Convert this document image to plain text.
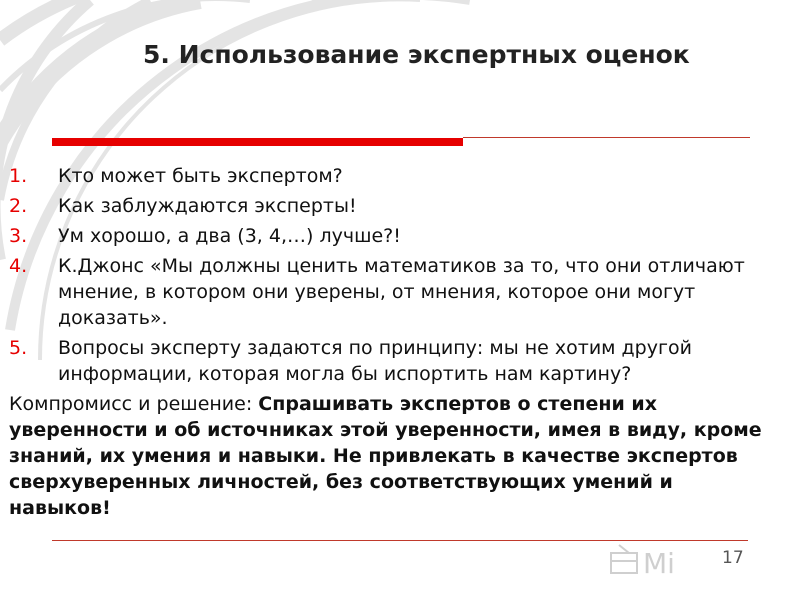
5. Использование экспертных оценок
1. Кто может быть экспертом?
2. Как заблуждаются эксперты!
3. Ум хорошо, а два (3, 4,…) лучше?!
4. К.Джонс «Мы должны ценить математиков за то, что они отличают мнение, в котором они уверены, от мнения, которое они могут доказать».
5. Вопросы эксперту задаются по принципу: мы не хотим другой информации, которая могла бы испортить нам картину?
Компромисс и решение: Спрашивать экспертов о степени их уверенности и об источниках этой уверенности, имея в виду, кроме знаний, их умения и навыки. Не привлекать в качестве экспертов сверхуверенных личностей, без соответствующих умений и навыков!
Mi	17
